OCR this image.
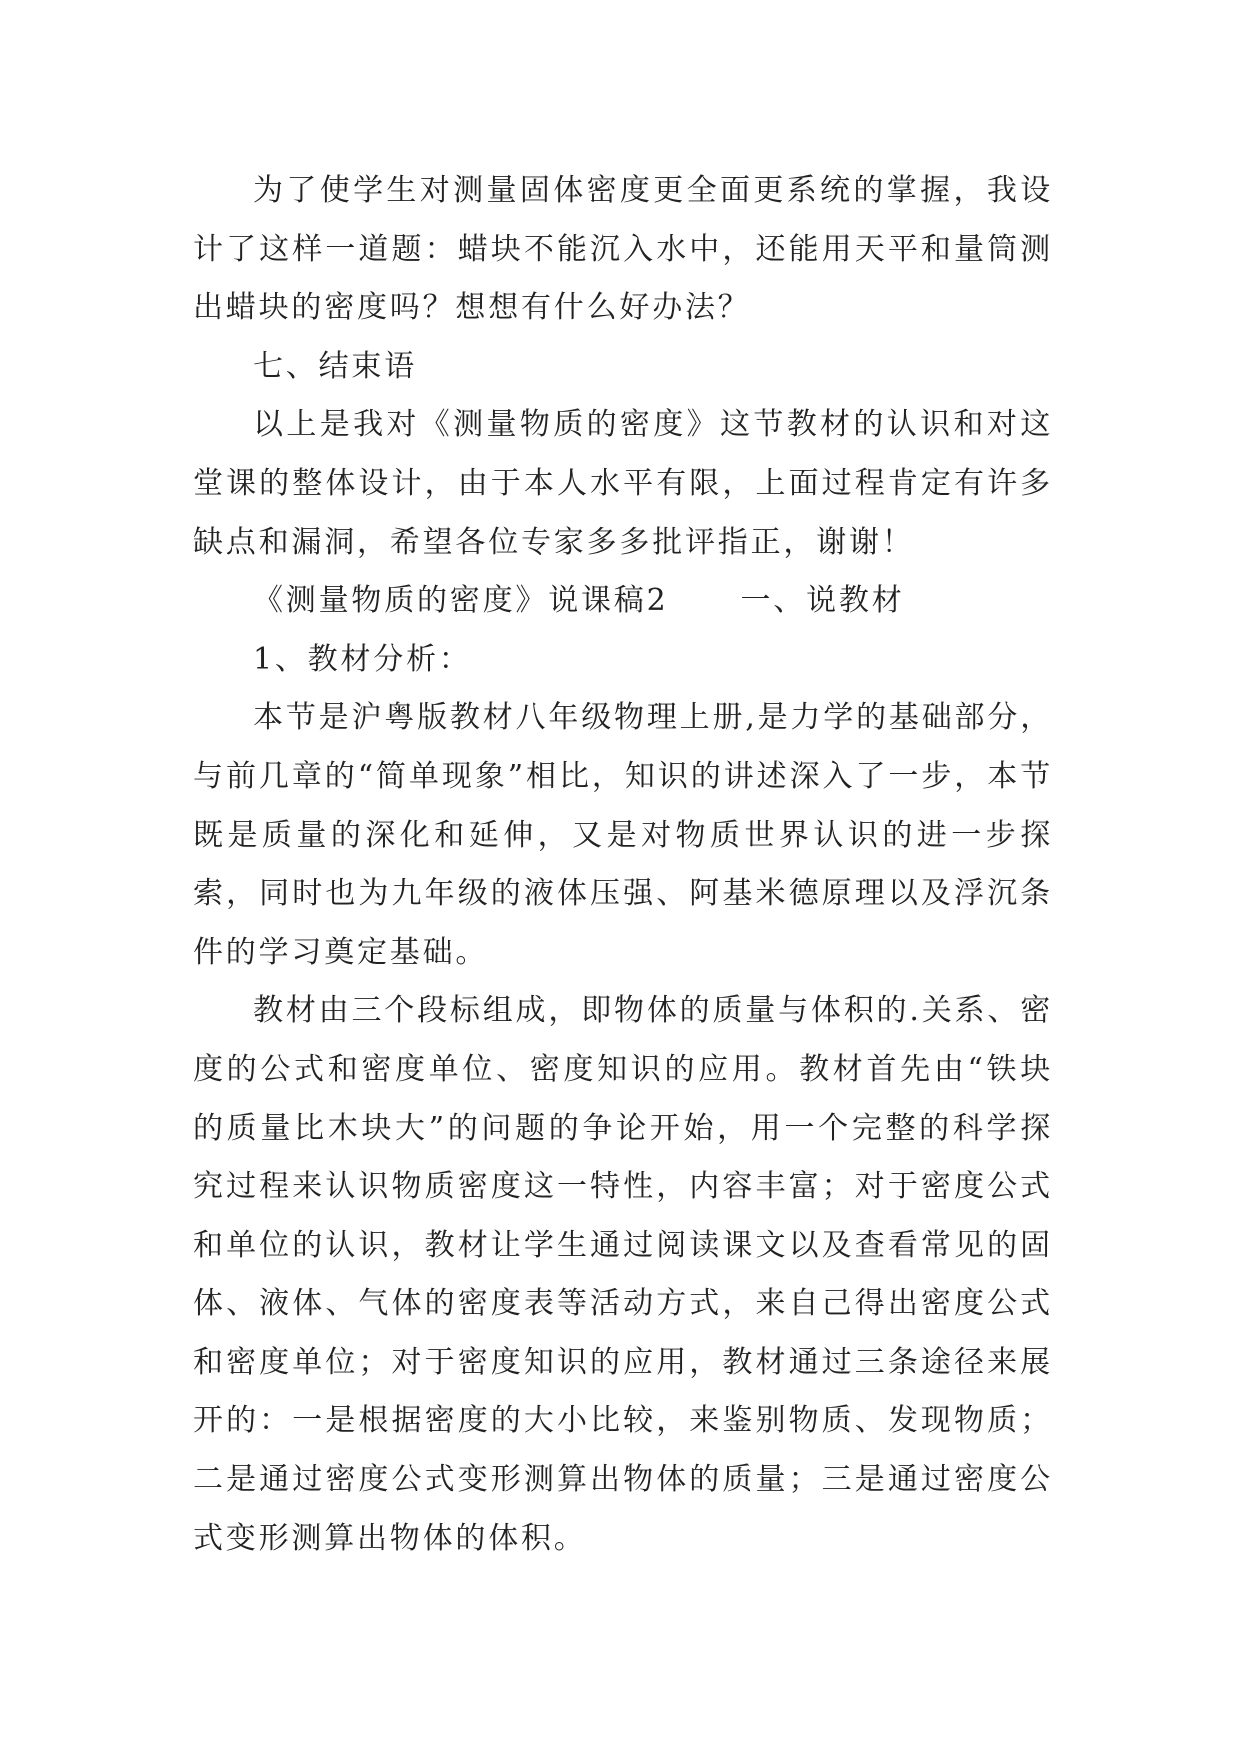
为了使学生对测量固体密度更全面更系统的掌握，我设计了这样一道题：蜡块不能沉入水中，还能用天平和量筒测出蜡块的密度吗？想想有什么好办法？

七、结束语

以上是我对《测量物质的密度》这节教材的认识和对这堂课的整体设计，由于本人水平有限，上面过程肯定有许多缺点和漏洞，希望各位专家多多批评指正，谢谢！

《测量物质的密度》说课稿2 一、说教材

1、教材分析：

本节是沪粤版教材八年级物理上册,是力学的基础部分，与前几章的“简单现象”相比，知识的讲述深入了一步，本节既是质量的深化和延伸，又是对物质世界认识的进一步探索，同时也为九年级的液体压强、阿基米德原理以及浮沉条件的学习奠定基础。

教材由三个段标组成，即物体的质量与体积的.关系、密度的公式和密度单位、密度知识的应用。教材首先由“铁块的质量比木块大”的问题的争论开始，用一个完整的科学探究过程来认识物质密度这一特性，内容丰富；对于密度公式和单位的认识，教材让学生通过阅读课文以及查看常见的固体、液体、气体的密度表等活动方式，来自己得出密度公式和密度单位；对于密度知识的应用，教材通过三条途径来展开的：一是根据密度的大小比较，来鉴别物质、发现物质；二是通过密度公式变形测算出物体的质量；三是通过密度公式变形测算出物体的体积。
